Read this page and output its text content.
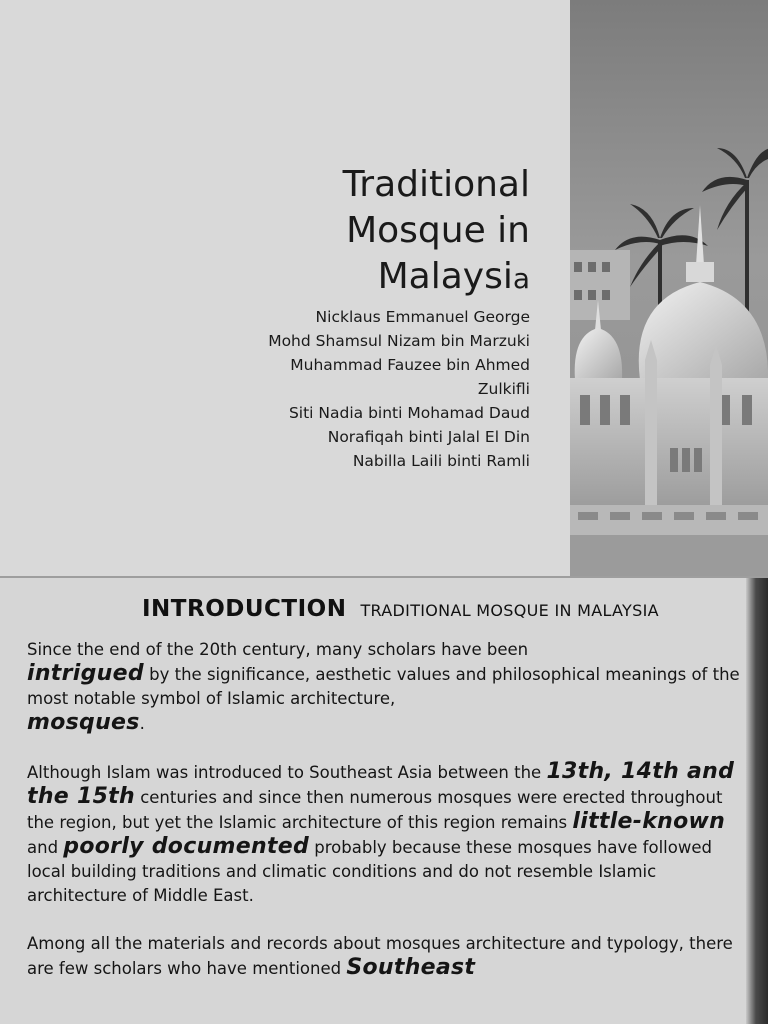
Traditional
Mosque in
Malaysia
Nicklaus Emmanuel George
Mohd Shamsul Nizam bin Marzuki
Muhammad Fauzee bin Ahmed
Zulkifli
Siti Nadia binti Mohamad Daud
Norafiqah binti Jalal El Din
Nabilla Laili binti Ramli
INTRODUCTION TRADITIONAL MOSQUE IN MALAYSIA

Since the end of the 20th century, many scholars have been
intrigued by the significance, aesthetic values and philosophical meanings of the most notable symbol of Islamic architecture,
mosques.

Although Islam was introduced to Southeast Asia between the 13th, 14th and the 15th centuries and since then numerous mosques were erected throughout the region, but yet the Islamic architecture of this region remains little-known and poorly documented probably because these mosques have followed local building traditions and climatic conditions and do not resemble Islamic architecture of Middle East.

Among all the materials and records about mosques architecture and typology, there are few scholars who have mentioned Southeast
